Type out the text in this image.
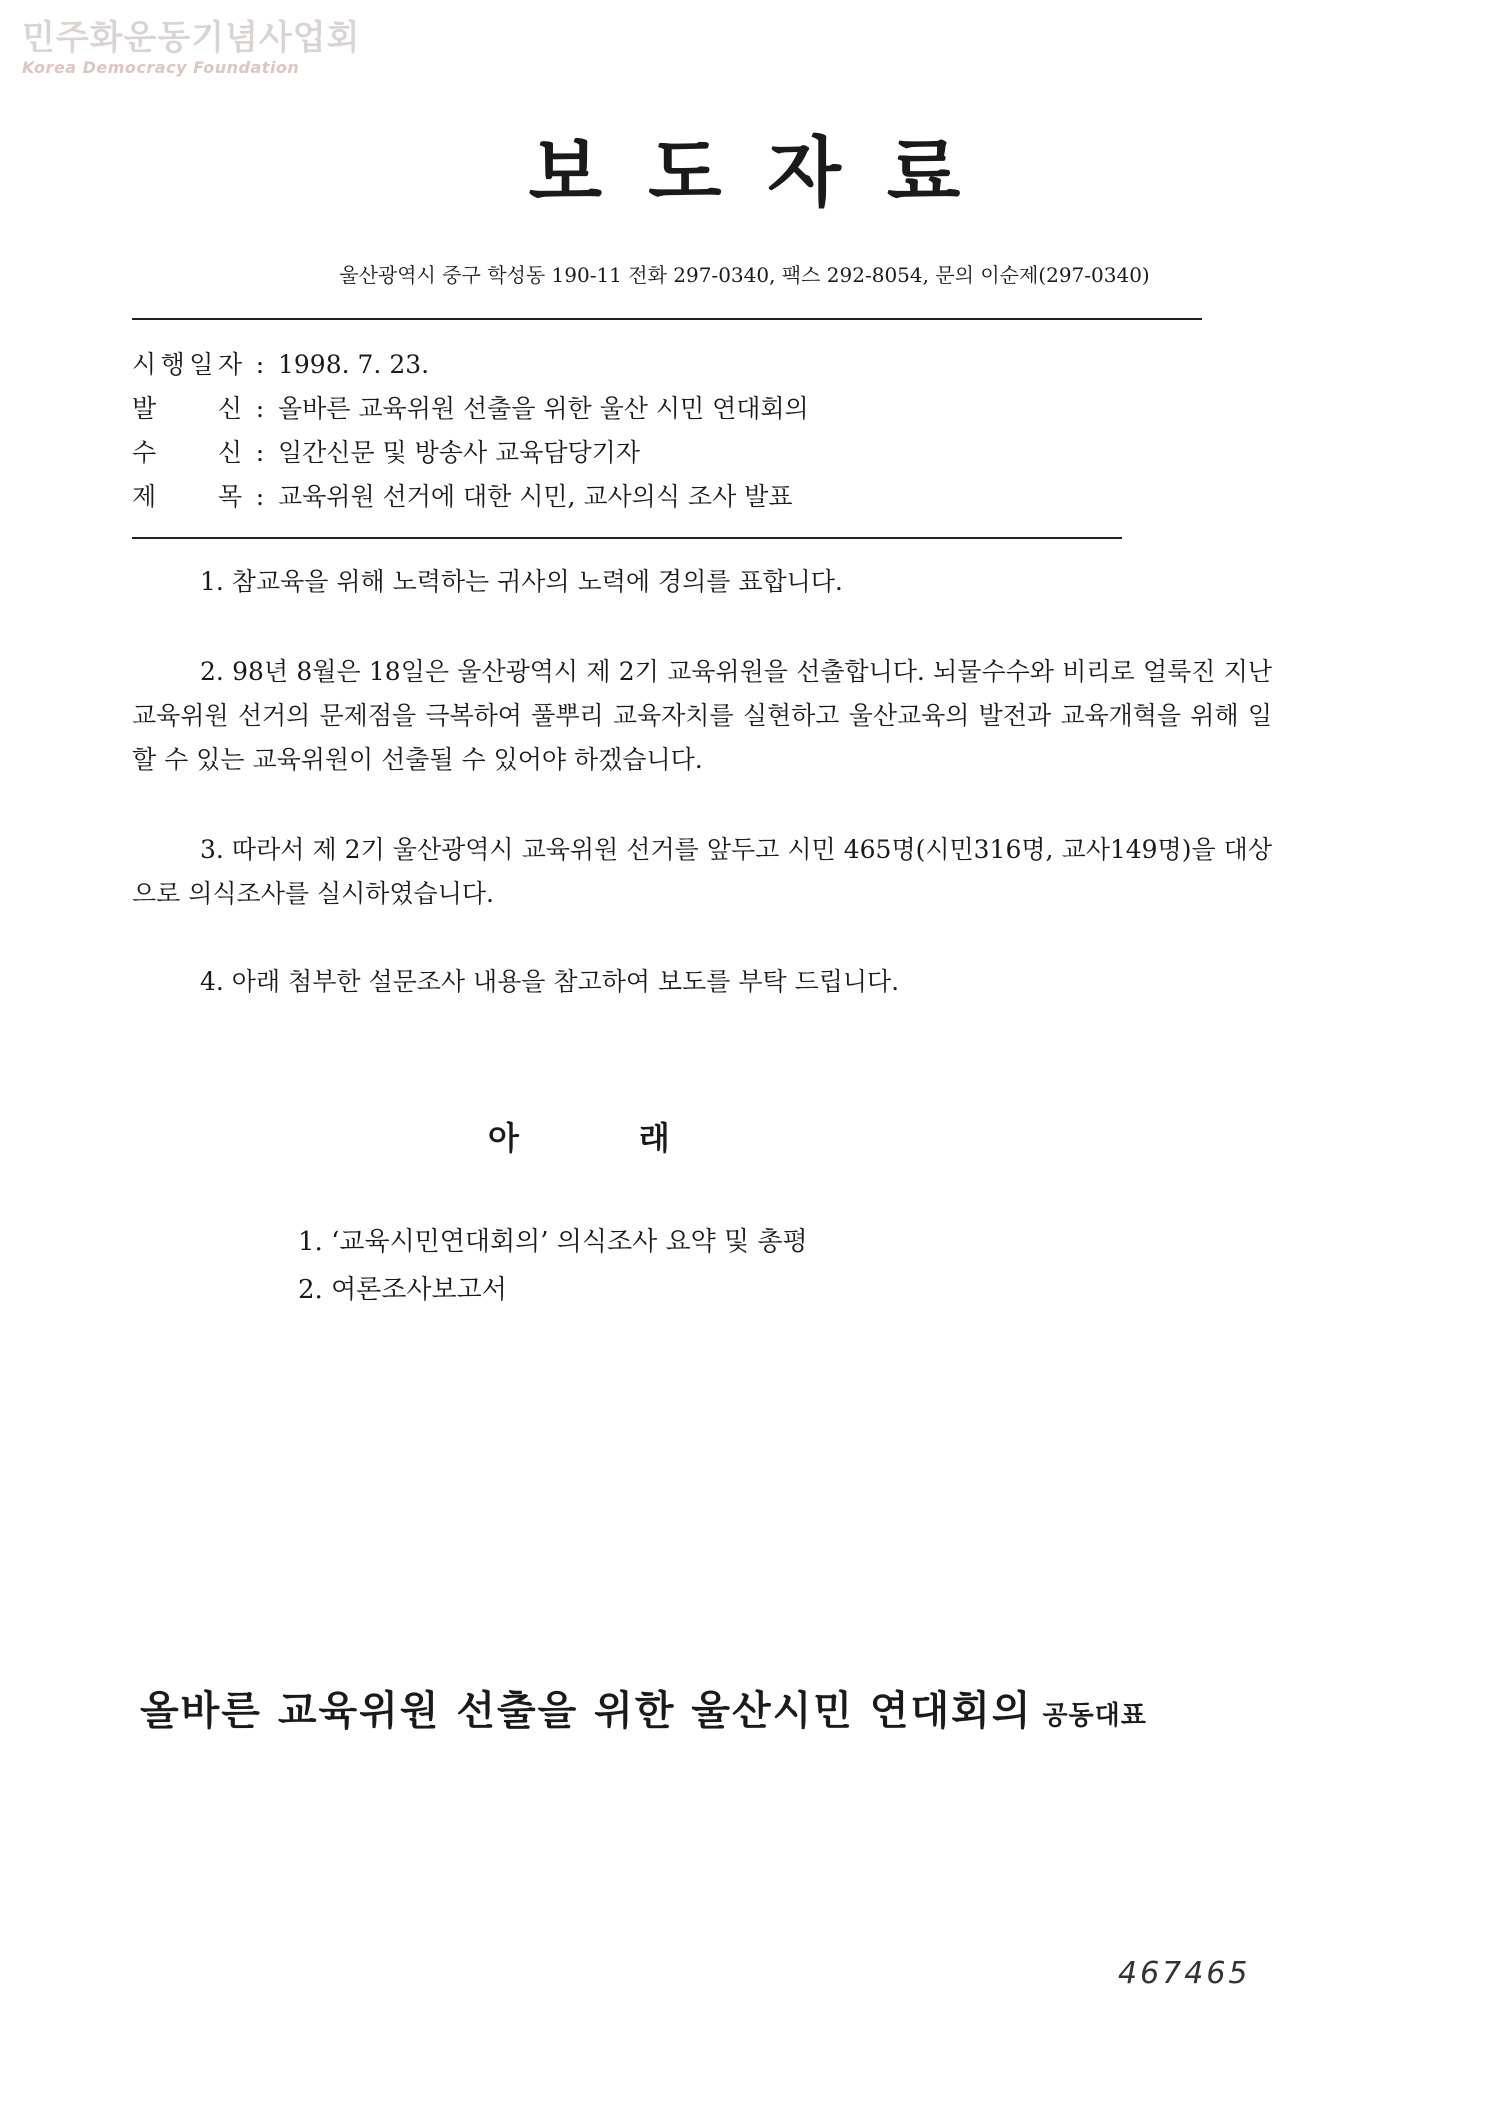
민주화운동기념사업회
Korea Democracy Foundation
보도자료
울산광역시 중구 학성동 190-11 전화 297-0340, 팩스 292-8054, 문의 이순제(297-0340)
시 행 일 자 : 1998. 7. 23.
발 신 : 올바른 교육위원 선출을 위한 울산 시민 연대회의
수 신 : 일간신문 및 방송사 교육담당기자
제 목 : 교육위원 선거에 대한 시민, 교사의식 조사 발표

1. 참교육을 위해 노력하는 귀사의 노력에 경의를 표합니다.

2. 98년 8월은 18일은 울산광역시 제 2기 교육위원을 선출합니다. 뇌물수수와 비리로 얼룩진 지난 교육위원 선거의 문제점을 극복하여 풀뿌리 교육자치를 실현하고 울산교육의 발전과 교육개혁을 위해 일할 수 있는 교육위원이 선출될 수 있어야 하겠습니다.

3. 따라서 제 2기 울산광역시 교육위원 선거를 앞두고 시민 465명(시민316명, 교사149명)을 대상으로 의식조사를 실시하였습니다.

4. 아래 첨부한 설문조사 내용을 참고하여 보도를 부탁 드립니다.

아래
1. ‘교육시민연대회의’ 의식조사 요약 및 총평
2. 여론조사보고서
올바른 교육위원 선출을 위한 울산시민 연대회의 공동대표
467465
